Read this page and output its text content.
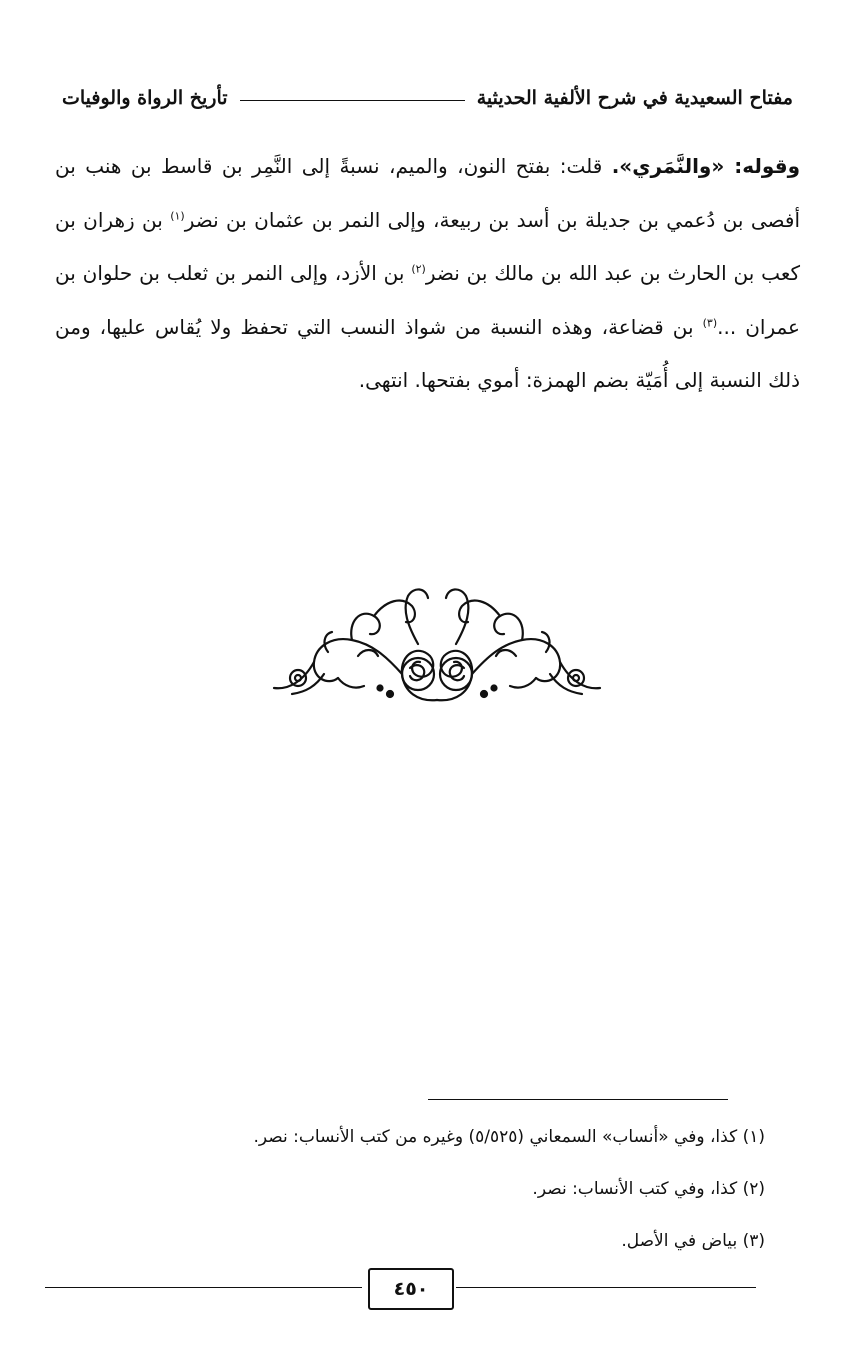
مفتاح السعيدية في شرح الألفية الحديثية
تأريخ الرواة والوفيات
وقوله: «والنَّمَري». قلت: بفتح النون، والميم، نسبةً إلى النَّمِر بن قاسط بن هنب بن أفصى بن دُعمي بن جديلة بن أسد بن ربيعة، وإلى النمر بن عثمان بن نضر$^{(١)}$ بن زهران بن كعب بن الحارث بن عبد الله بن مالك بن نضر$^{(٢)}$ بن الأزد، وإلى النمر بن ثعلب بن حلوان بن عمران ...$^{(٣)}$ بن قضاعة، وهذه النسبة من شواذ النسب التي تحفظ ولا يُقاس عليها، ومن ذلك النسبة إلى أُمَيّة بضم الهمزة: أموي بفتحها. انتهى.
(١) كذا، وفي «أنساب» السمعاني (٥/٥٢٥) وغيره من كتب الأنساب: نصر.
(٢) كذا، وفي كتب الأنساب: نصر.
(٣) بياض في الأصل.
٤٥٠
